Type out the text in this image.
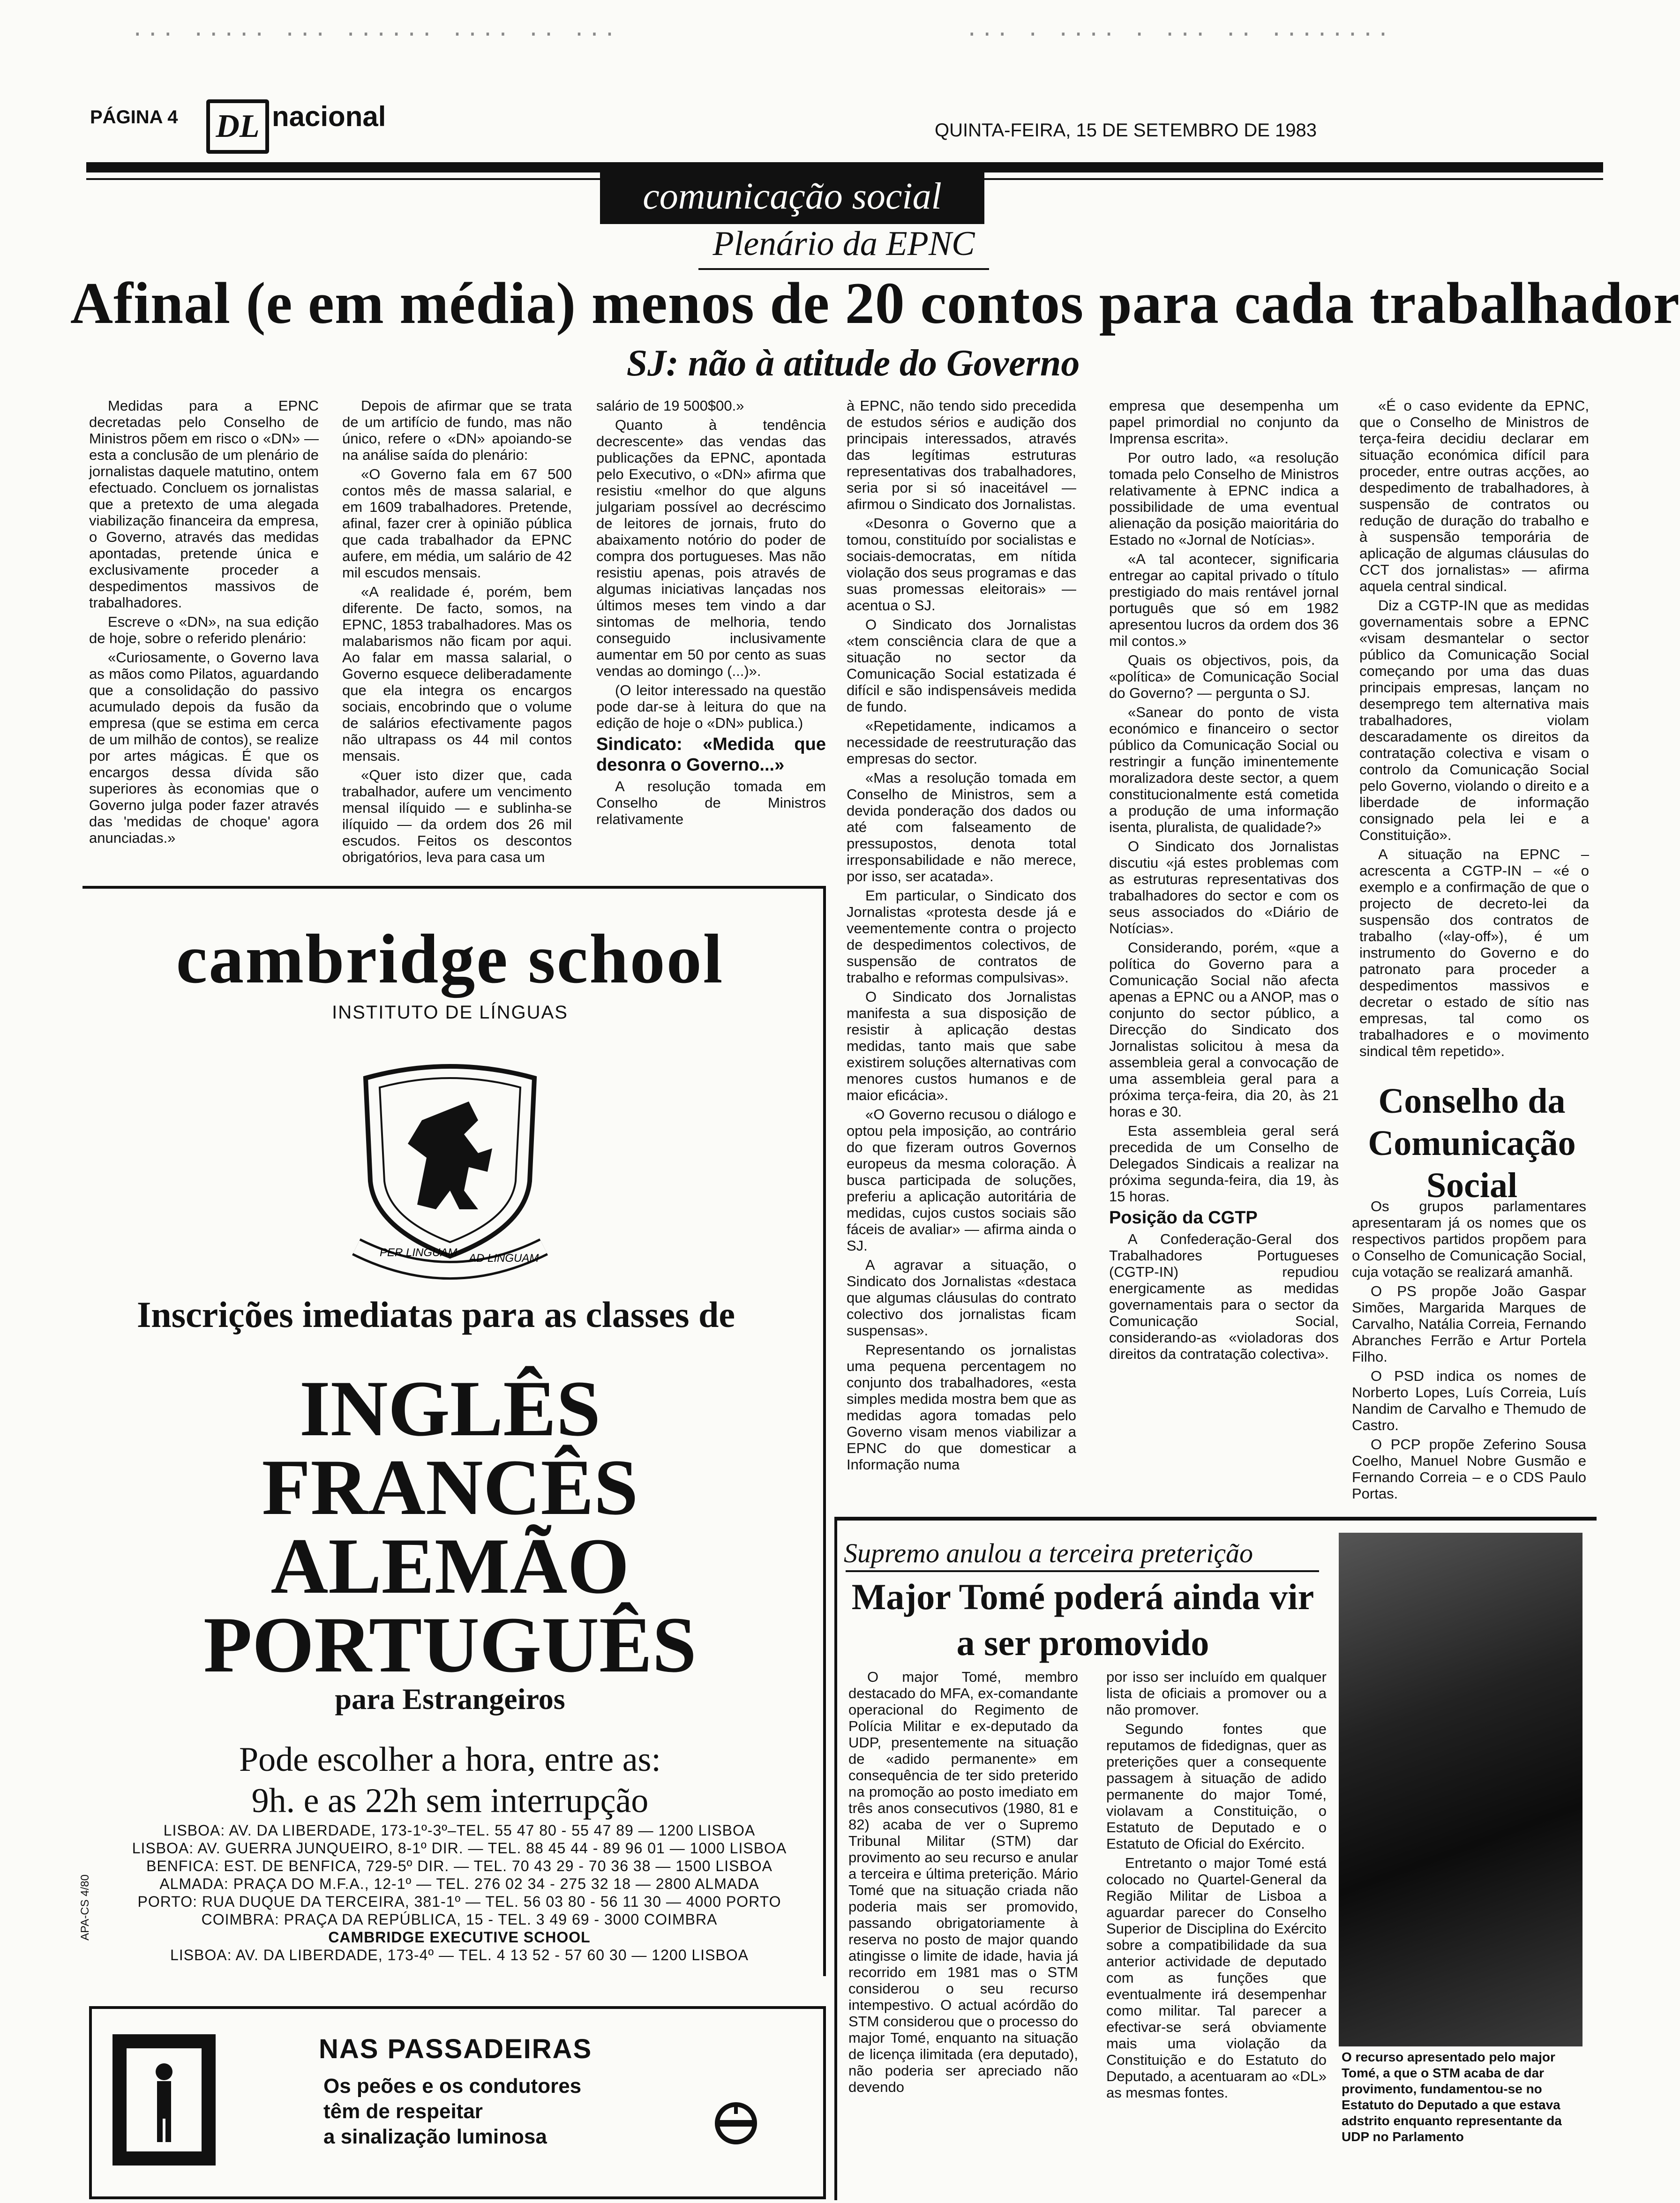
··· ····· ··· ······ ···· ·· ···	··· · ···· · ··· ·· ········
PÁGINA 4 DL nacional	QUINTA-FEIRA, 15 DE SETEMBRO DE 1983
comunicação social
Plenário da EPNC
Afinal (e em média) menos de 20 contos para cada trabalhador
SJ: não à atitude do Governo

Medidas para a EPNC decretadas pelo Conselho de Ministros põem em risco o «DN» — esta a conclusão de um plenário de jornalistas daquele matutino, ontem efectuado. Concluem os jornalistas que a pretexto de uma alegada viabilização financeira da empresa, o Governo, através das medidas apontadas, pretende única e exclusivamente proceder a despedimentos massivos de trabalhadores.

Escreve o «DN», na sua edição de hoje, sobre o referido plenário:

«Curiosamente, o Governo lava as mãos como Pilatos, aguardando que a consolidação do passivo acumulado depois da fusão da empresa (que se estima em cerca de um milhão de contos), se realize por artes mágicas. É que os encargos dessa dívida são superiores às economias que o Governo julga poder fazer através das 'medidas de choque' agora anunciadas.»

Depois de afirmar que se trata de um artifício de fundo, mas não único, refere o «DN» apoiando-se na análise saída do plenário:

«O Governo fala em 67 500 contos mês de massa salarial, e em 1609 trabalhadores. Pretende, afinal, fazer crer à opinião pública que cada trabalhador da EPNC aufere, em média, um salário de 42 mil escudos mensais.

«A realidade é, porém, bem diferente. De facto, somos, na EPNC, 1853 trabalhadores. Mas os malabarismos não ficam por aqui. Ao falar em massa salarial, o Governo esquece deliberadamente que ela integra os encargos sociais, encobrindo que o volume de salários efectivamente pagos não ultrapass os 44 mil contos mensais.

«Quer isto dizer que, cada trabalhador, aufere um vencimento mensal ilíquido — e sublinha-se ilíquido — da ordem dos 26 mil escudos. Feitos os descontos obrigatórios, leva para casa um

salário de 19 500$00.»

Quanto à tendência decrescente» das vendas das publicações da EPNC, apontada pelo Executivo, o «DN» afirma que resistiu «melhor do que alguns julgariam possível ao decréscimo de leitores de jornais, fruto do abaixamento notório do poder de compra dos portugueses. Mas não resistiu apenas, pois através de algumas iniciativas lançadas nos últimos meses tem vindo a dar sintomas de melhoria, tendo conseguido inclusivamente aumentar em 50 por cento as suas vendas ao domingo (...)».

(O leitor interessado na questão pode dar-se à leitura do que na edição de hoje o «DN» publica.)

Sindicato: «Medida que desonra o Governo...»

A resolução tomada em Conselho de Ministros relativamente

à EPNC, não tendo sido precedida de estudos sérios e audição dos principais interessados, através das legítimas estruturas representativas dos trabalhadores, seria por si só inaceitável — afirmou o Sindicato dos Jornalistas.

«Desonra o Governo que a tomou, constituído por socialistas e sociais-democratas, em nítida violação dos seus programas e das suas promessas eleitorais» — acentua o SJ.

O Sindicato dos Jornalistas «tem consciência clara de que a situação no sector da Comunicação Social estatizada é difícil e são indispensáveis medida de fundo.

«Repetidamente, indicamos a necessidade de reestruturação das empresas do sector.

«Mas a resolução tomada em Conselho de Ministros, sem a devida ponderação dos dados ou até com falseamento de pressupostos, denota total irresponsabilidade e não merece, por isso, ser acatada».

Em particular, o Sindicato dos Jornalistas «protesta desde já e veementemente contra o projecto de despedimentos colectivos, de suspensão de contratos de trabalho e reformas compulsivas».

O Sindicato dos Jornalistas manifesta a sua disposição de resistir à aplicação destas medidas, tanto mais que sabe existirem soluções alternativas com menores custos humanos e de maior eficácia».

«O Governo recusou o diálogo e optou pela imposição, ao contrário do que fizeram outros Governos europeus da mesma coloração. À busca participada de soluções, preferiu a aplicação autoritária de medidas, cujos custos sociais são fáceis de avaliar» — afirma ainda o SJ.

A agravar a situação, o Sindicato dos Jornalistas «destaca que algumas cláusulas do contrato colectivo dos jornalistas ficam suspensas».

Representando os jornalistas uma pequena percentagem no conjunto dos trabalhadores, «esta simples medida mostra bem que as medidas agora tomadas pelo Governo visam menos viabilizar a EPNC do que domesticar a Informação numa

empresa que desempenha um papel primordial no conjunto da Imprensa escrita».

Por outro lado, «a resolução tomada pelo Conselho de Ministros relativamente à EPNC indica a possibilidade de uma eventual alienação da posição maioritária do Estado no «Jornal de Notícias».

«A tal acontecer, significaria entregar ao capital privado o título prestigiado do mais rentável jornal português que só em 1982 apresentou lucros da ordem dos 36 mil contos.»

Quais os objectivos, pois, da «política» de Comunicação Social do Governo? — pergunta o SJ.

«Sanear do ponto de vista económico e financeiro o sector público da Comunicação Social ou restringir a função iminentemente moralizadora deste sector, a quem constitucionalmente está cometida a produção de uma informação isenta, pluralista, de qualidade?»

O Sindicato dos Jornalistas discutiu «já estes problemas com as estruturas representativas dos trabalhadores do sector e com os seus associados do «Diário de Notícias».

Considerando, porém, «que a política do Governo para a Comunicação Social não afecta apenas a EPNC ou a ANOP, mas o conjunto do sector público, a Direcção do Sindicato dos Jornalistas solicitou à mesa da assembleia geral a convocação de uma assembleia geral para a próxima terça-feira, dia 20, às 21 horas e 30.

Esta assembleia geral será precedida de um Conselho de Delegados Sindicais a realizar na próxima segunda-feira, dia 19, às 15 horas.

Posição da CGTP

A Confederação-Geral dos Trabalhadores Portugueses (CGTP-IN) repudiou energicamente as medidas governamentais para o sector da Comunicação Social, considerando-as «violadoras dos direitos da contratação colectiva».

«É o caso evidente da EPNC, que o Conselho de Ministros de terça-feira decidiu declarar em situação económica difícil para proceder, entre outras acções, ao despedimento de trabalhadores, à suspensão de contratos ou redução de duração do trabalho e à suspensão temporária de aplicação de algumas cláusulas do CCT dos jornalistas» — afirma aquela central sindical.

Diz a CGTP-IN que as medidas governamentais sobre a EPNC «visam desmantelar o sector público da Comunicação Social começando por uma das duas principais empresas, lançam no desemprego tem alternativa mais trabalhadores, violam descaradamente os direitos da contratação colectiva e visam o controlo da Comunicação Social pelo Governo, violando o direito e a liberdade de informação consignado pela lei e a Constituição».

A situação na EPNC – acrescenta a CGTP-IN – «é o exemplo e a confirmação de que o projecto de decreto-lei da suspensão dos contratos de trabalho («lay-off»), é um instrumento do Governo e do patronato para proceder a despedimentos massivos e decretar o estado de sítio nas empresas, tal como os trabalhadores e o movimento sindical têm repetido».

Conselho da Comunicação Social

Os grupos parlamentares apresentaram já os nomes que os respectivos partidos propõem para o Conselho de Comunicação Social, cuja votação se realizará amanhã.

O PS propõe João Gaspar Simões, Margarida Marques de Carvalho, Natália Correia, Fernando Abranches Ferrão e Artur Portela Filho.

O PSD indica os nomes de Norberto Lopes, Luís Correia, Luís Nandim de Carvalho e Themudo de Castro.

O PCP propõe Zeferino Sousa Coelho, Manuel Nobre Gusmão e Fernando Correia – e o CDS Paulo Portas.

cambridge school
INSTITUTO DE LÍNGUAS
PER LINGUAM AD LINGUAM
Inscrições imediatas para as classes de
INGLÊS
FRANCÊS
ALEMÃO
PORTUGUÊS
para Estrangeiros
Pode escolher a hora, entre as:
9h. e as 22h sem interrupção
LISBOA: AV. DA LIBERDADE, 173-1º-3º–TEL. 55 47 80 - 55 47 89 — 1200 LISBOA
LISBOA: AV. GUERRA JUNQUEIRO, 8-1º DIR. — TEL. 88 45 44 - 89 96 01 — 1000 LISBOA
BENFICA: EST. DE BENFICA, 729-5º DIR. — TEL. 70 43 29 - 70 36 38 — 1500 LISBOA
ALMADA: PRAÇA DO M.F.A., 12-1º — TEL. 276 02 34 - 275 32 18 — 2800 ALMADA
PORTO: RUA DUQUE DA TERCEIRA, 381-1º — TEL. 56 03 80 - 56 11 30 — 4000 PORTO
COIMBRA: PRAÇA DA REPÚBLICA, 15 - TEL. 3 49 69 - 3000 COIMBRA
CAMBRIDGE EXECUTIVE SCHOOL
LISBOA: AV. DA LIBERDADE, 173-4º — TEL. 4 13 52 - 57 60 30 — 1200 LISBOA
APA-CS 4/80
NAS PASSADEIRAS
Os peões e os condutores
têm de respeitar
a sinalização luminosa
Supremo anulou a terceira preterição
Major Tomé poderá ainda vir a ser promovido

O major Tomé, membro destacado do MFA, ex-comandante operacional do Regimento de Polícia Militar e ex-deputado da UDP, presentemente na situação de «adido permanente» em consequência de ter sido preterido na promoção ao posto imediato em três anos consecutivos (1980, 81 e 82) acaba de ver o Supremo Tribunal Militar (STM) dar provimento ao seu recurso e anular a terceira e última preterição. Mário Tomé que na situação criada não poderia mais ser promovido, passando obrigatoriamente à reserva no posto de major quando atingisse o limite de idade, havia já recorrido em 1981 mas o STM considerou o seu recurso intempestivo. O actual acórdão do STM considerou que o processo do major Tomé, enquanto na situação de licença ilimitada (era deputado), não poderia ser apreciado não devendo

por isso ser incluído em qualquer lista de oficiais a promover ou a não promover.

Segundo fontes que reputamos de fidedignas, quer as preterições quer a consequente passagem à situação de adido permanente do major Tomé, violavam a Constituição, o Estatuto de Deputado e o Estatuto de Oficial do Exército.

Entretanto o major Tomé está colocado no Quartel-General da Região Militar de Lisboa a aguardar parecer do Conselho Superior de Disciplina do Exército sobre a compatibilidade da sua anterior actividade de deputado com as funções que eventualmente irá desempenhar como militar. Tal parecer a efectivar-se será obviamente mais uma violação da Constituição e do Estatuto do Deputado, a acentuaram ao «DL» as mesmas fontes.

O recurso apresentado pelo major Tomé, a que o STM acaba de dar provimento, fundamentou-se no Estatuto do Deputado a que estava adstrito enquanto representante da UDP no Parlamento
